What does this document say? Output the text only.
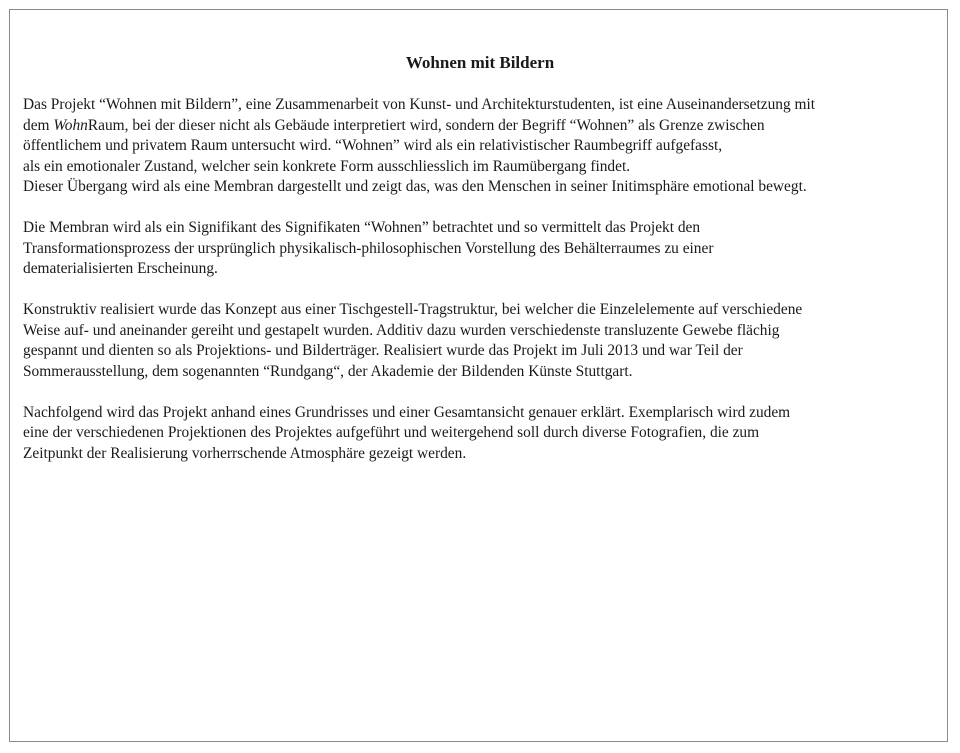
Wohnen mit Bildern
Das Projekt “Wohnen mit Bildern”, eine Zusammenarbeit von Kunst- und Architekturstudenten, ist eine Auseinandersetzung mit
dem WohnRaum, bei der dieser nicht als Gebäude interpretiert wird, sondern der Begriff “Wohnen” als Grenze zwischen
öffentlichem und privatem Raum untersucht wird. “Wohnen” wird als ein relativistischer Raumbegriff aufgefasst,
als ein emotionaler Zustand, welcher sein konkrete Form ausschliesslich im Raumübergang findet.
Dieser Übergang wird als eine Membran dargestellt und zeigt das, was den Menschen in seiner Initimsphäre emotional bewegt.
Die Membran wird als ein Signifikant des Signifikaten “Wohnen” betrachtet und so vermittelt das Projekt den
Transformationsprozess der ursprünglich physikalisch-philosophischen Vorstellung des Behälterraumes zu einer
dematerialisierten Erscheinung.
Konstruktiv realisiert wurde das Konzept aus einer Tischgestell-Tragstruktur, bei welcher die Einzelelemente auf verschiedene
Weise auf- und aneinander gereiht und gestapelt wurden. Additiv dazu wurden verschiedenste transluzente Gewebe flächig
gespannt und dienten so als Projektions- und Bilderträger. Realisiert wurde das Projekt im Juli 2013 und war Teil der
Sommerausstellung, dem sogenannten “Rundgang“, der Akademie der Bildenden Künste Stuttgart.
Nachfolgend wird das Projekt anhand eines Grundrisses und einer Gesamtansicht genauer erklärt. Exemplarisch wird zudem
eine der verschiedenen Projektionen des Projektes aufgeführt und weitergehend soll durch diverse Fotografien, die zum
Zeitpunkt der Realisierung vorherrschende Atmosphäre gezeigt werden.
